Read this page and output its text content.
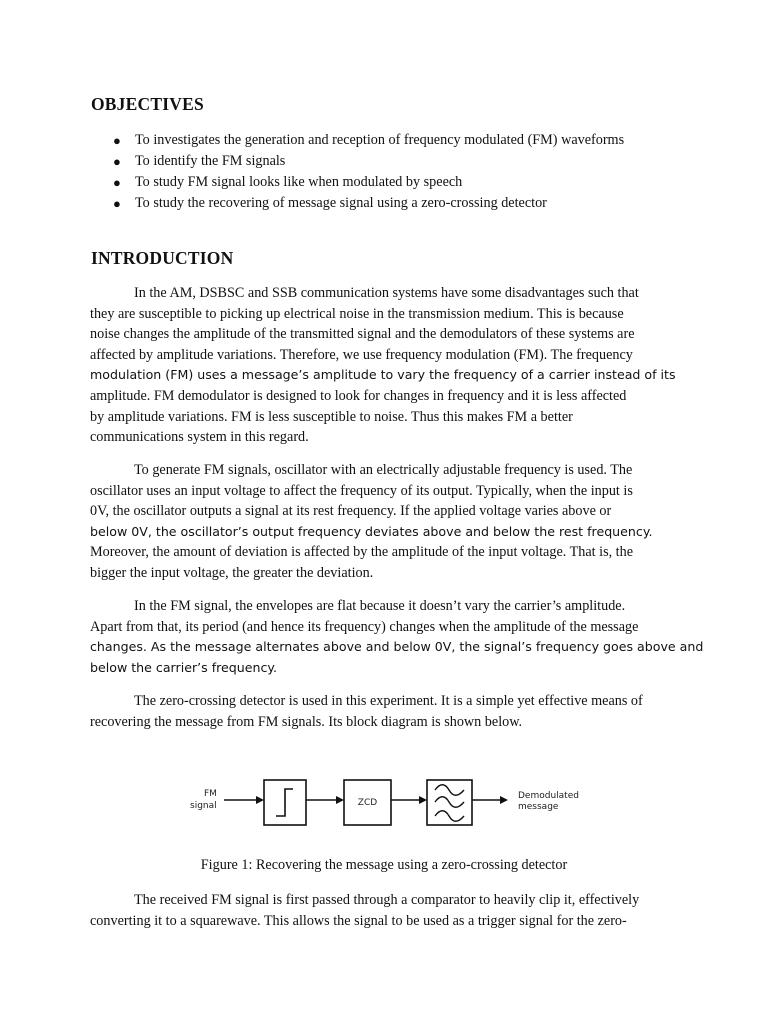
OBJECTIVES
● To investigates the generation and reception of frequency modulated (FM) waveforms
● To identify the FM signals
● To study FM signal looks like when modulated by speech
● To study the recovering of message signal using a zero-crossing detector
INTRODUCTION
In the AM, DSBSC and SSB communication systems have some disadvantages such that
they are susceptible to picking up electrical noise in the transmission medium. This is because
noise changes the amplitude of the transmitted signal and the demodulators of these systems are
affected by amplitude variations. Therefore, we use frequency modulation (FM). The frequency
modulation (FM) uses a message’s amplitude to vary the frequency of a carrier instead of its
amplitude. FM demodulator is designed to look for changes in frequency and it is less affected
by amplitude variations. FM is less susceptible to noise. Thus this makes FM a better
communications system in this regard.
To generate FM signals, oscillator with an electrically adjustable frequency is used. The
oscillator uses an input voltage to affect the frequency of its output. Typically, when the input is
0V, the oscillator outputs a signal at its rest frequency. If the applied voltage varies above or
below 0V, the oscillator’s output frequency deviates above and below the rest frequency.
Moreover, the amount of deviation is affected by the amplitude of the input voltage. That is, the
bigger the input voltage, the greater the deviation.
In the FM signal, the envelopes are flat because it doesn’t vary the carrier’s amplitude.
Apart from that, its period (and hence its frequency) changes when the amplitude of the message
changes. As the message alternates above and below 0V, the signal’s frequency goes above and
below the carrier’s frequency.
The zero-crossing detector is used in this experiment. It is a simple yet effective means of
recovering the message from FM signals. Its block diagram is shown below.
FM
signal	ZCD
Demodulated
message
Figure 1: Recovering the message using a zero-crossing detector
The received FM signal is first passed through a comparator to heavily clip it, effectively
converting it to a squarewave. This allows the signal to be used as a trigger signal for the zero-
